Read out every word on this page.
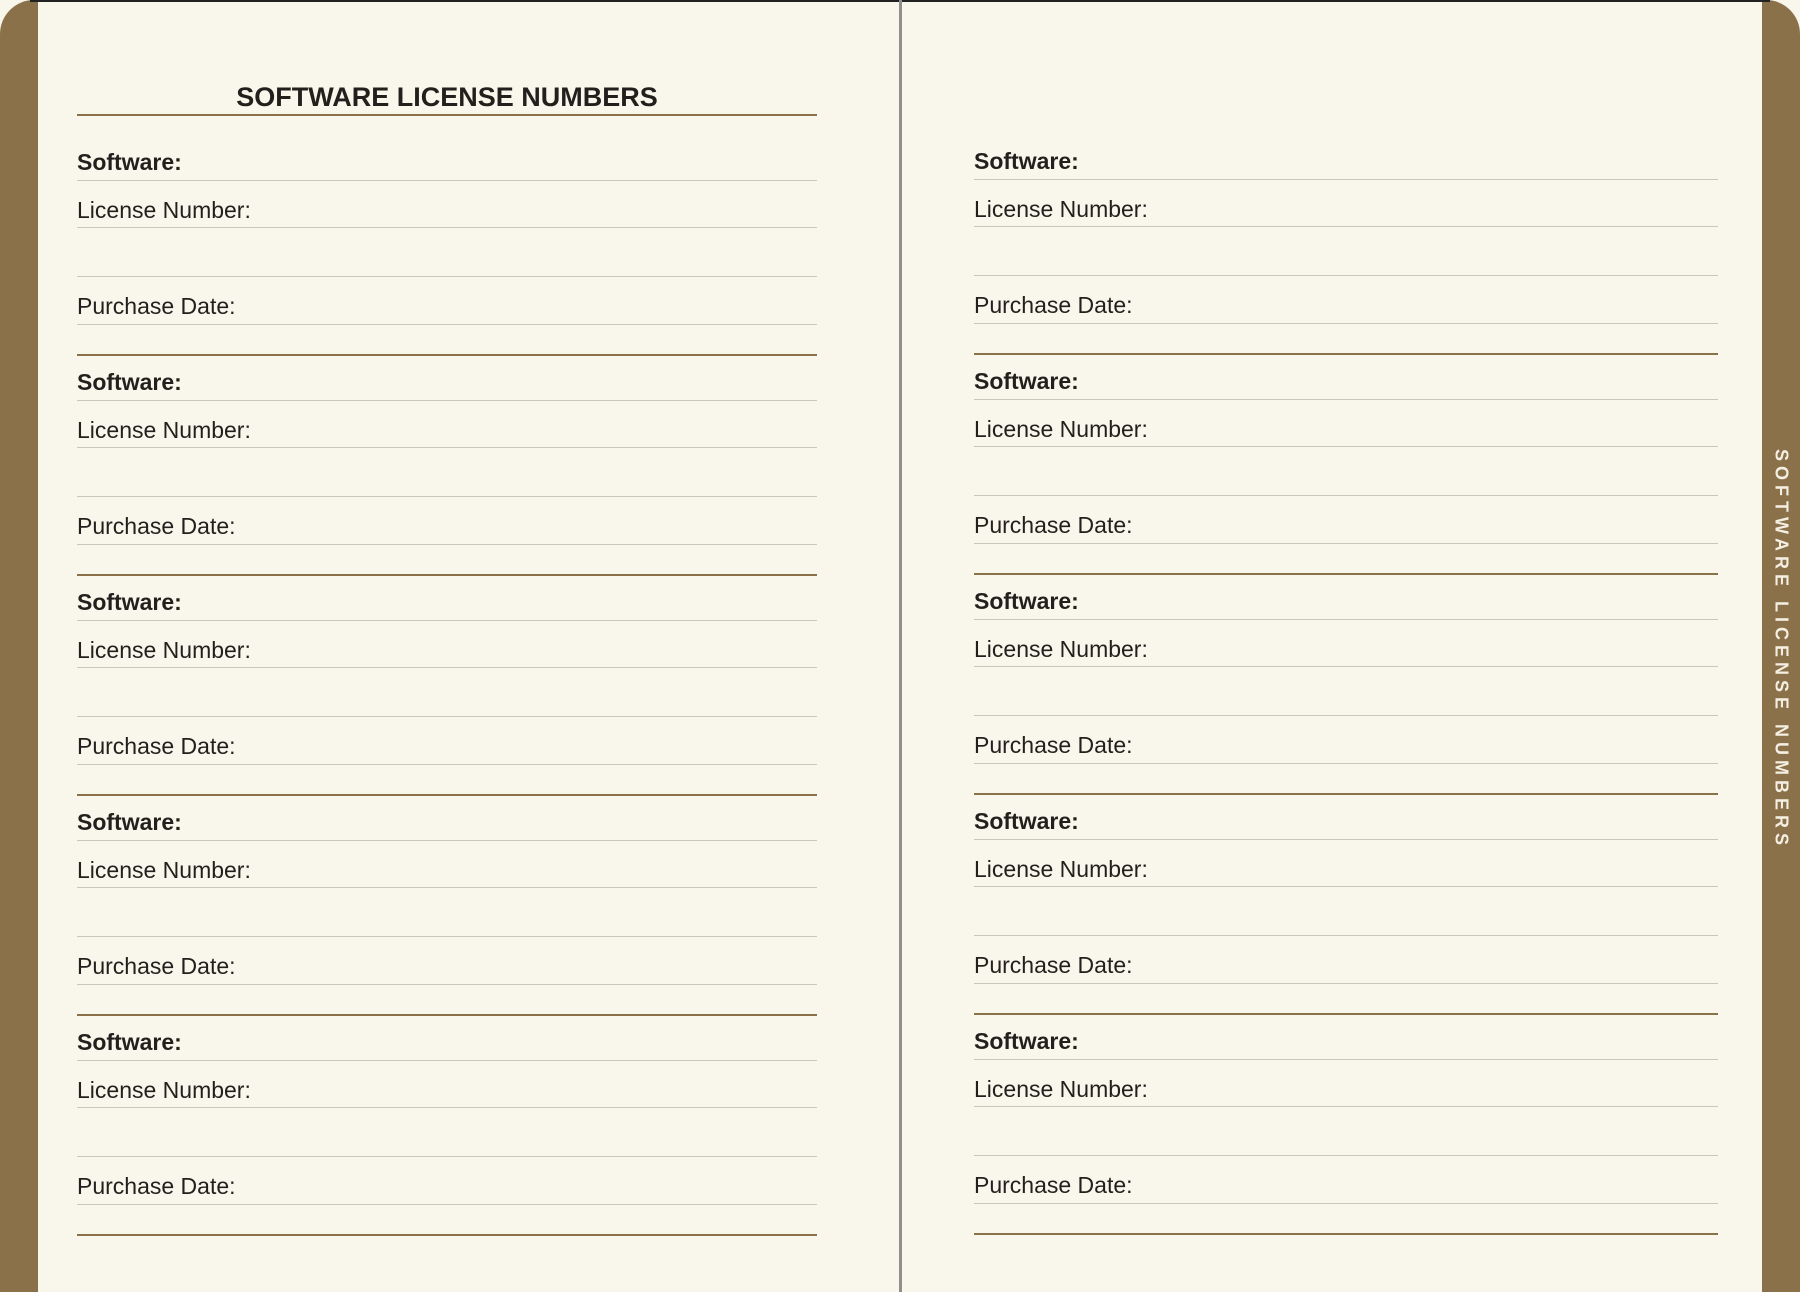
SOFTWARE LICENSE NUMBERS
SOFTWARE LICENSE NUMBERS
Software:
License Number:
Purchase Date:
Software:
License Number:
Purchase Date:
Software:
License Number:
Purchase Date:
Software:
License Number:
Purchase Date:
Software:
License Number:
Purchase Date:
Software:
License Number:
Purchase Date:
Software:
License Number:
Purchase Date:
Software:
License Number:
Purchase Date:
Software:
License Number:
Purchase Date:
Software:
License Number:
Purchase Date:
